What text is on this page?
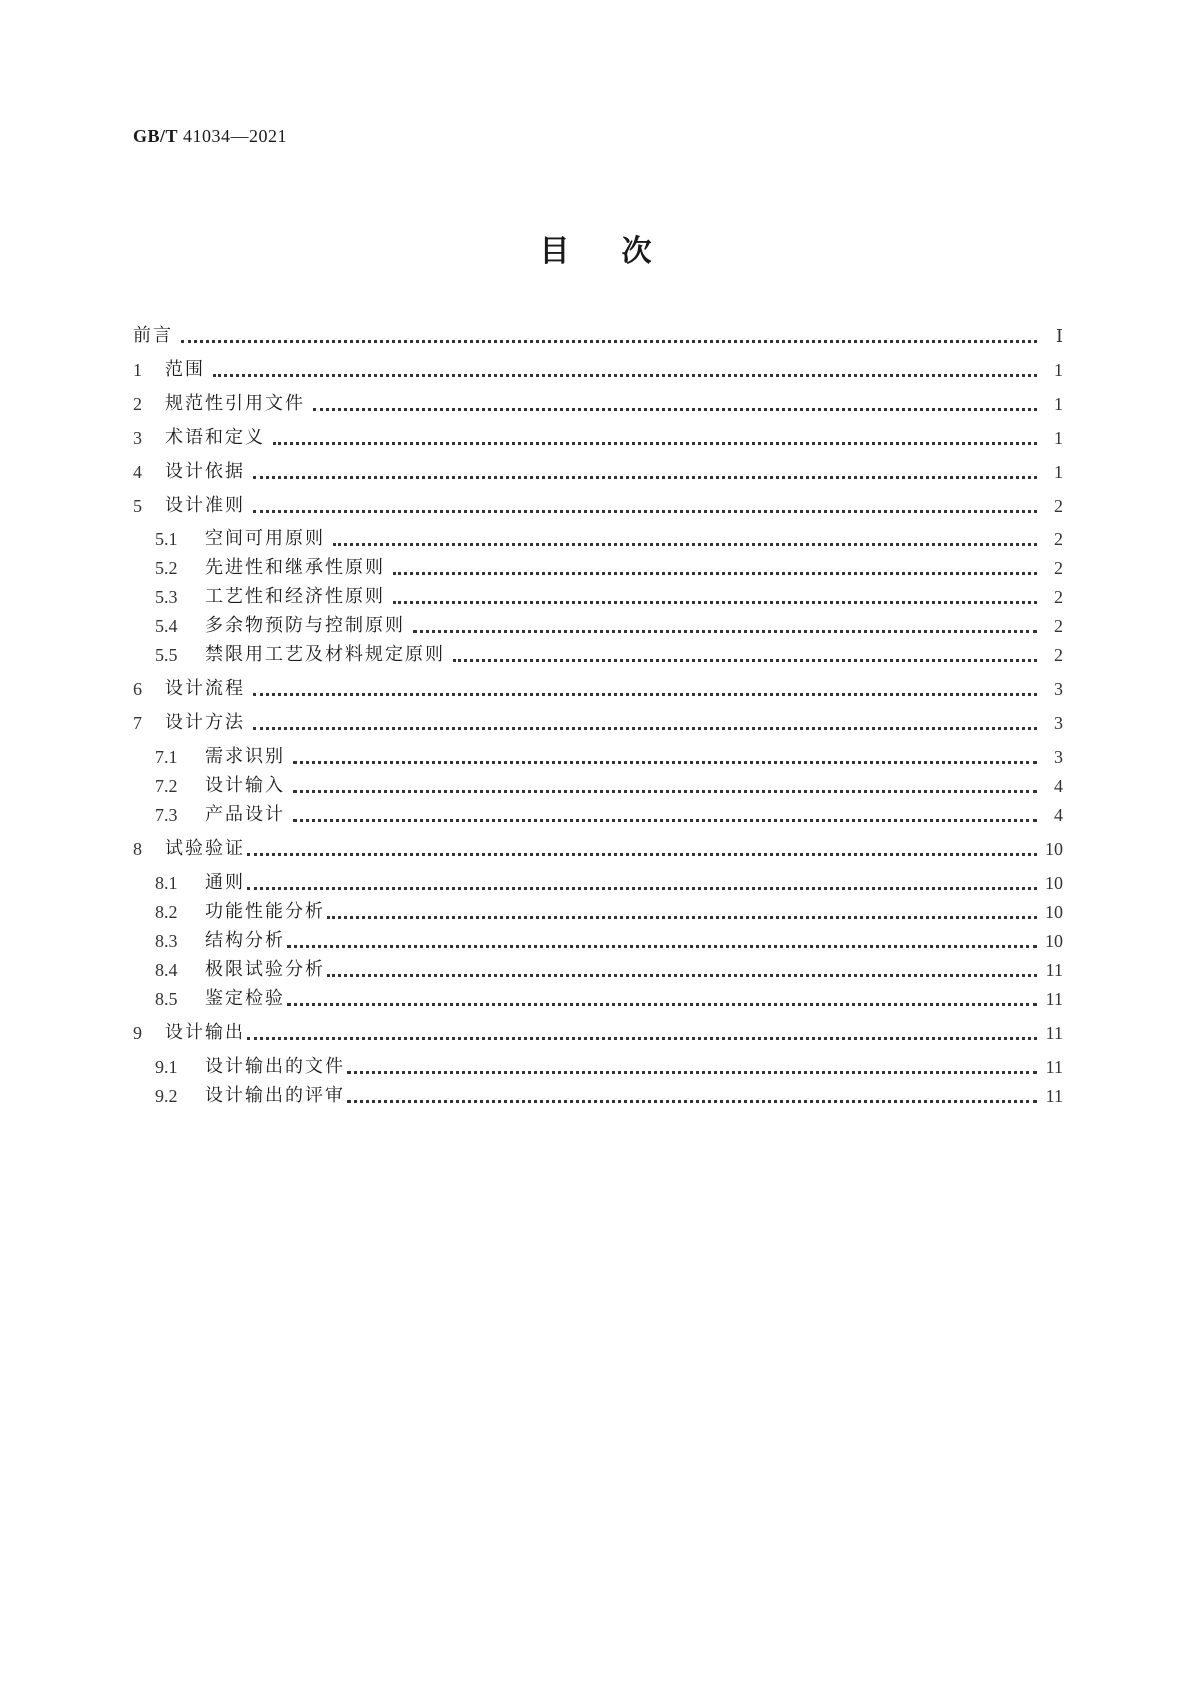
GB/T 41034—2021
目次
前言	Ⅰ
1	范围	1
2	规范性引用文件	1
3	术语和定义	1
4	设计依据	1
5	设计准则	2
5.1	空间可用原则	2
5.2	先进性和继承性原则	2
5.3	工艺性和经济性原则	2
5.4	多余物预防与控制原则	2
5.5	禁限用工艺及材料规定原则	2
6	设计流程	3
7	设计方法	3
7.1	需求识别	3
7.2	设计输入	4
7.3	产品设计	4
8	试验验证	10
8.1	通则	10
8.2	功能性能分析	10
8.3	结构分析	10
8.4	极限试验分析	11
8.5	鉴定检验	11
9	设计输出	11
9.1	设计输出的文件	11
9.2	设计输出的评审	11
